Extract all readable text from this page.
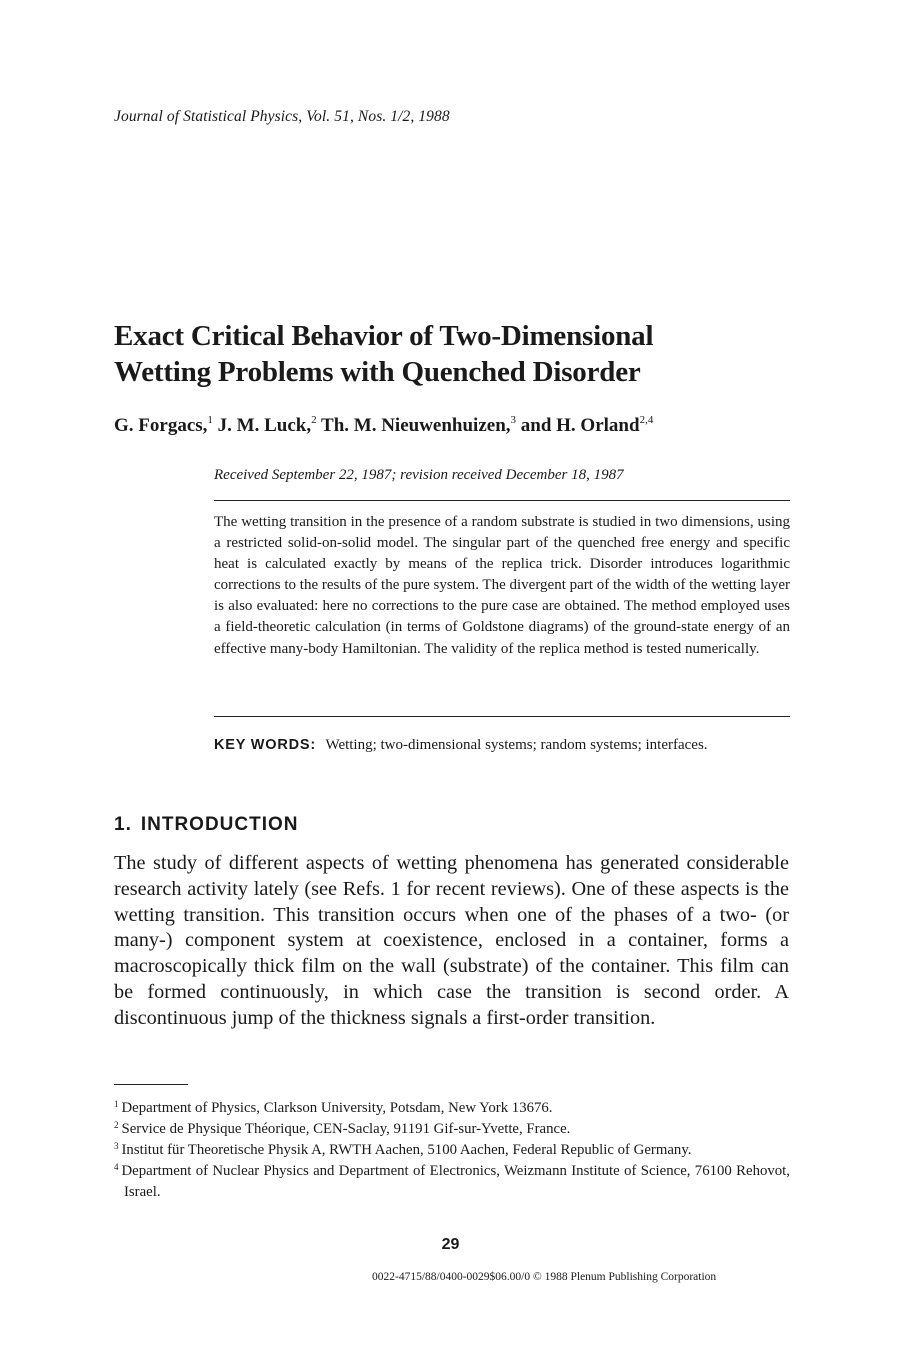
Journal of Statistical Physics, Vol. 51, Nos. 1/2, 1988
Exact Critical Behavior of Two-Dimensional
Wetting Problems with Quenched Disorder
G. Forgacs,$^1$ J. M. Luck,$^2$ Th. M. Nieuwenhuizen,$^3$ and H. Orland$^{2,4}$
Received September 22, 1987; revision received December 18, 1987
The wetting transition in the presence of a random substrate is studied in two dimensions, using a restricted solid-on-solid model. The singular part of the quenched free energy and specific heat is calculated exactly by means of the replica trick. Disorder introduces logarithmic corrections to the results of the pure system. The divergent part of the width of the wetting layer is also evaluated: here no corrections to the pure case are obtained. The method employed uses a field-theoretic calculation (in terms of Goldstone diagrams) of the ground-state energy of an effective many-body Hamiltonian. The validity of the replica method is tested numerically.
KEY WORDS: Wetting; two-dimensional systems; random systems; interfaces.
1. INTRODUCTION
The study of different aspects of wetting phenomena has generated considerable research activity lately (see Refs. 1 for recent reviews). One of these aspects is the wetting transition. This transition occurs when one of the phases of a two- (or many-) component system at coexistence, enclosed in a container, forms a macroscopically thick film on the wall (substrate) of the container. This film can be formed continuously, in which case the transition is second order. A discontinuous jump of the thickness signals a first-order transition.
$^1$ Department of Physics, Clarkson University, Potsdam, New York 13676.
$^2$ Service de Physique Théorique, CEN-Saclay, 91191 Gif-sur-Yvette, France.
$^3$ Institut für Theoretische Physik A, RWTH Aachen, 5100 Aachen, Federal Republic of Germany.
$^4$ Department of Nuclear Physics and Department of Electronics, Weizmann Institute of Science, 76100 Rehovot, Israel.
29
0022-4715/88/0400-0029$06.00/0 © 1988 Plenum Publishing Corporation
